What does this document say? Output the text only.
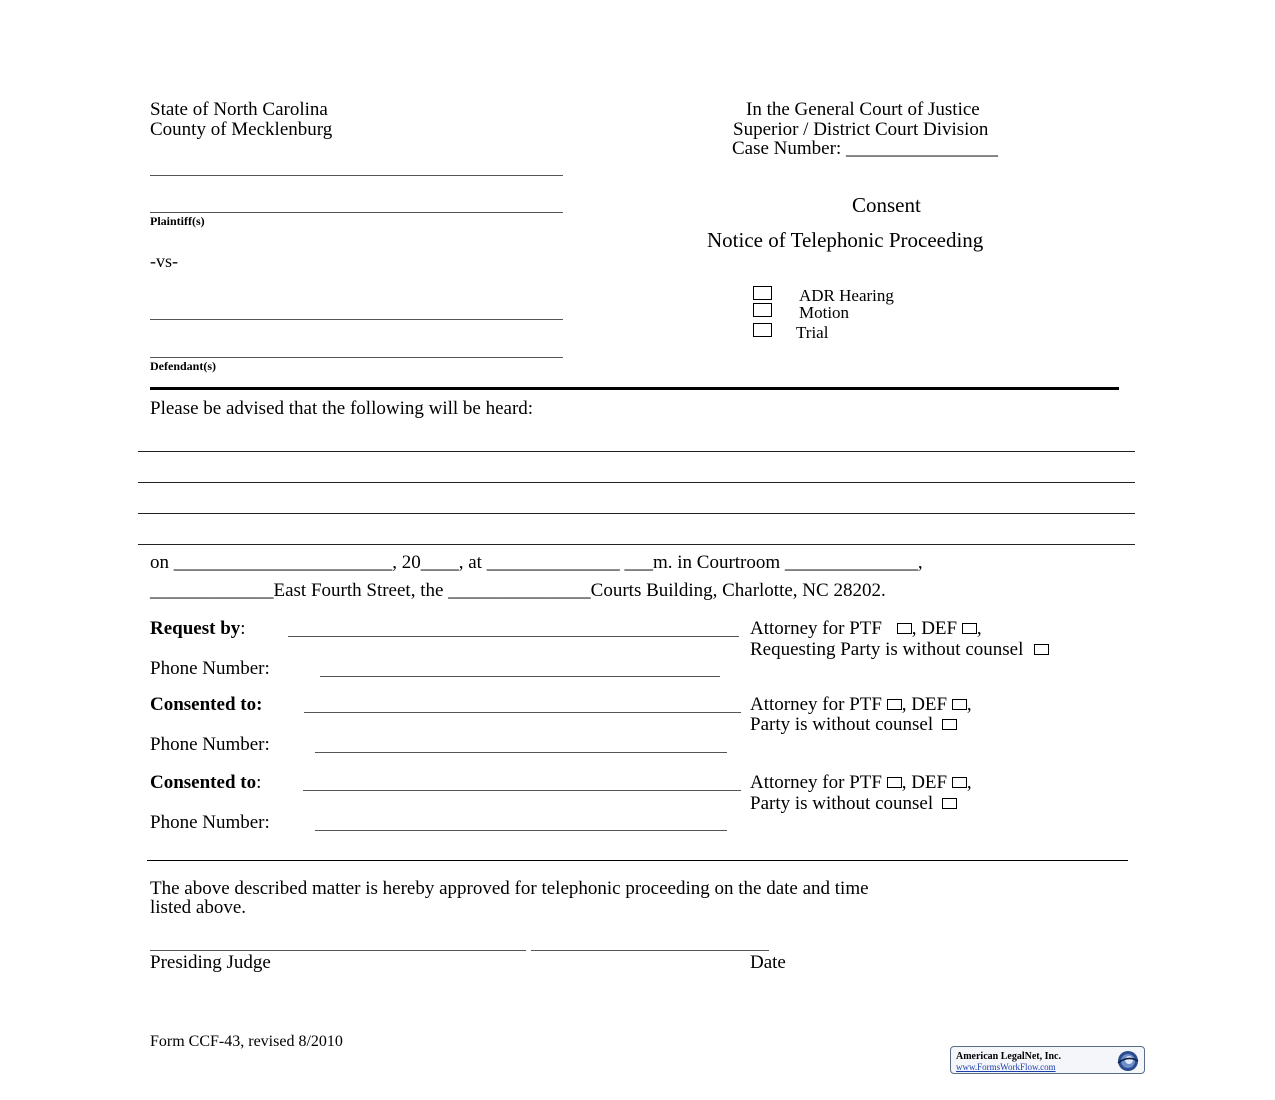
State of North Carolina
County of Mecklenburg
In the General Court of Justice
Superior / District Court Division
Case Number: ________________
Plaintiff(s)
-vs-
Defendant(s)
Consent
Notice of Telephonic Proceeding
ADR Hearing
Motion
Trial
Please be advised that the following will be heard:
on _______________________, 20____, at ______________ ___m. in Courtroom ______________,
_____________East Fourth Street, the _______________Courts Building, Charlotte, NC 28202.
Request by:	Attorney for PTF , DEF ,
Requesting Party is without counsel
Phone Number:
Consented to:	Attorney for PTF , DEF ,
Party is without counsel
Phone Number:
Consented to:	Attorney for PTF , DEF ,
Party is without counsel
Phone Number:
The above described matter is hereby approved for telephonic proceeding on the date and time
listed above.
Presiding Judge	Date
Form CCF-43, revised 8/2010
American LegalNet, Inc.
www.FormsWorkFlow.com
